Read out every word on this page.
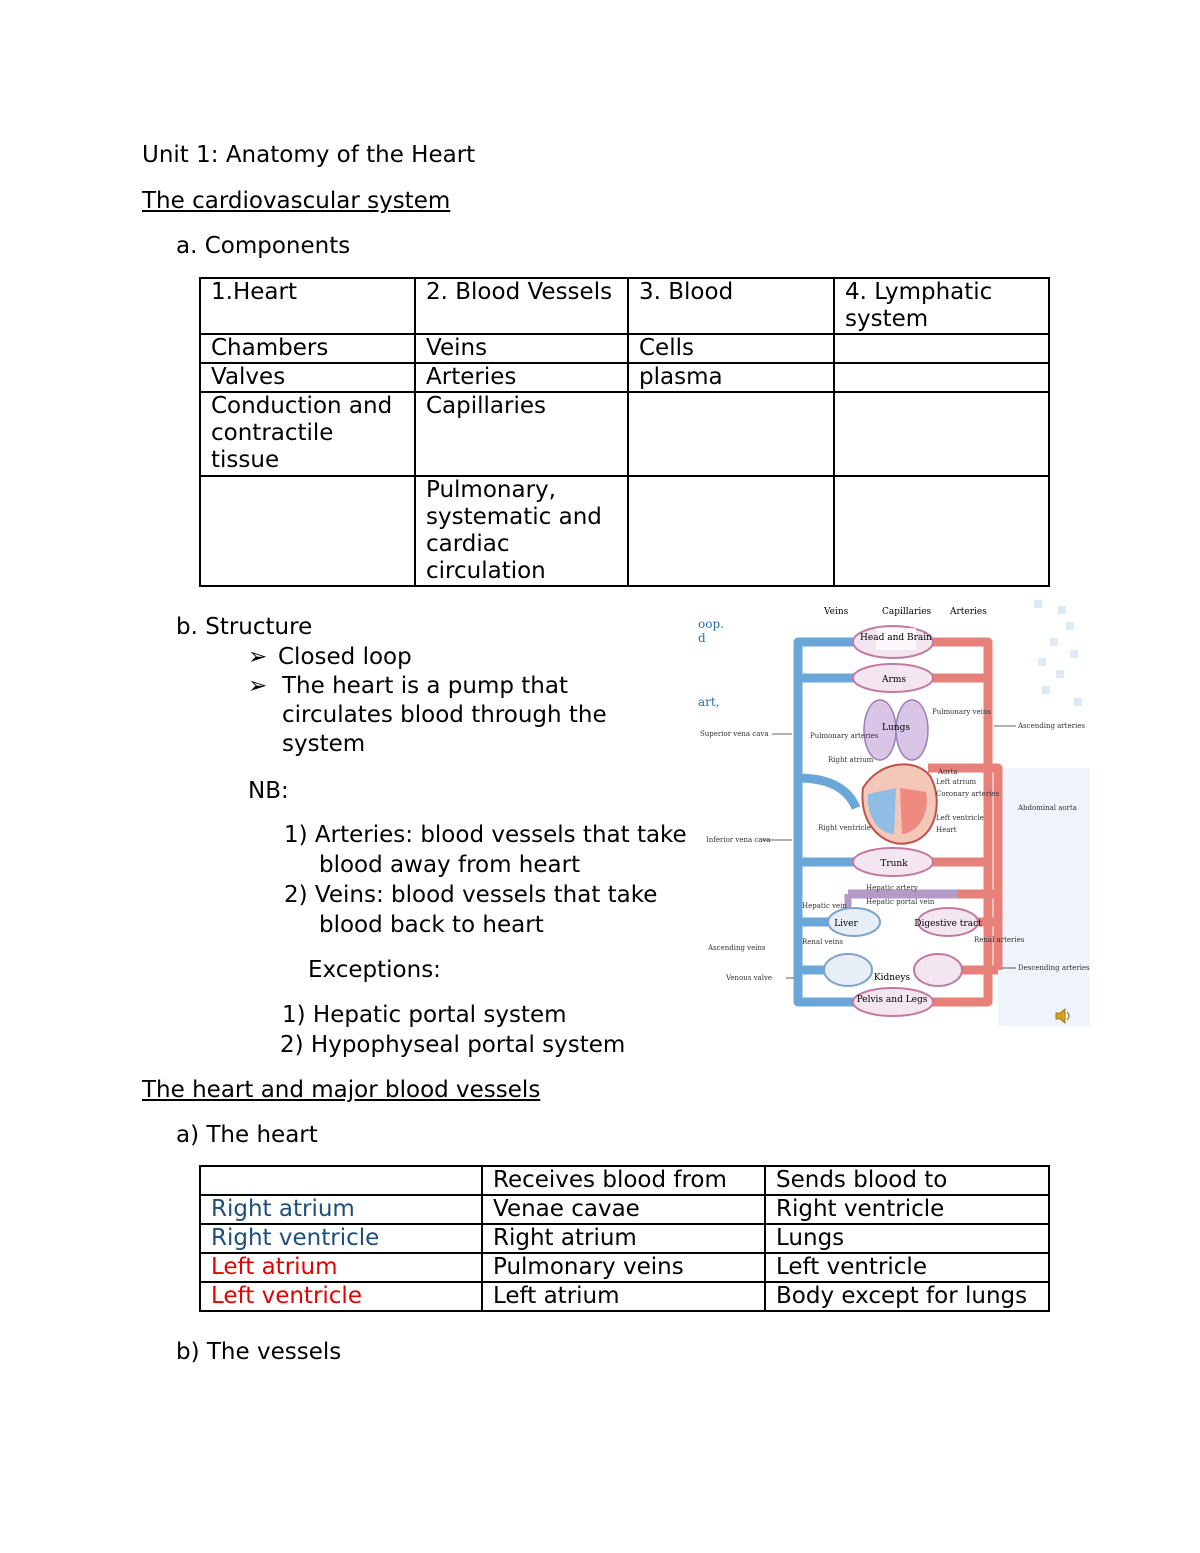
Unit 1: Anatomy of the Heart
The cardiovascular system
a. Components
1.Heart	2. Blood Vessels	3. Blood	4. Lymphatic system
Chambers	Veins	Cells	
Valves	Arteries	plasma	
Conduction and contractile tissue	Capillaries		
	Pulmonary, systematic and cardiac circulation		
b. Structure
➢ Closed loop
➢ The heart is a pump that circulates blood through the system
NB:
1) Arteries: blood vessels that take blood away from heart
2) Veins: blood vessels that take blood back to heart
Exceptions:
1) Hepatic portal system
2) Hypophyseal portal system
The heart and major blood vessels
a) The heart
	Receives blood from	Sends blood to
Right atrium	Venae cavae	Right ventricle
Right ventricle	Right atrium	Lungs
Left atrium	Pulmonary veins	Left ventricle
Left ventricle	Left atrium	Body except for lungs
b) The vessels
oop.
d
art,
Veins	Capillaries Arteries
Head and Brain
Arms
Lungs
Trunk
Liver	Digestive tract
Kidneys
Pelvis and Legs
Superior vena cava	Pulmonary arteries
Right atrium
Right ventricle
Inferior vena cava
Hepatic vein
Renal veins
Ascending veins
Venous valve
Pulmonary veins
Aorta
Left atrium
Coronary arteries
Left ventricle
Heart
Ascending arteries
Abdominal aorta
Hepatic artery
Hepatic portal vein
Renal arteries
Descending arteries
